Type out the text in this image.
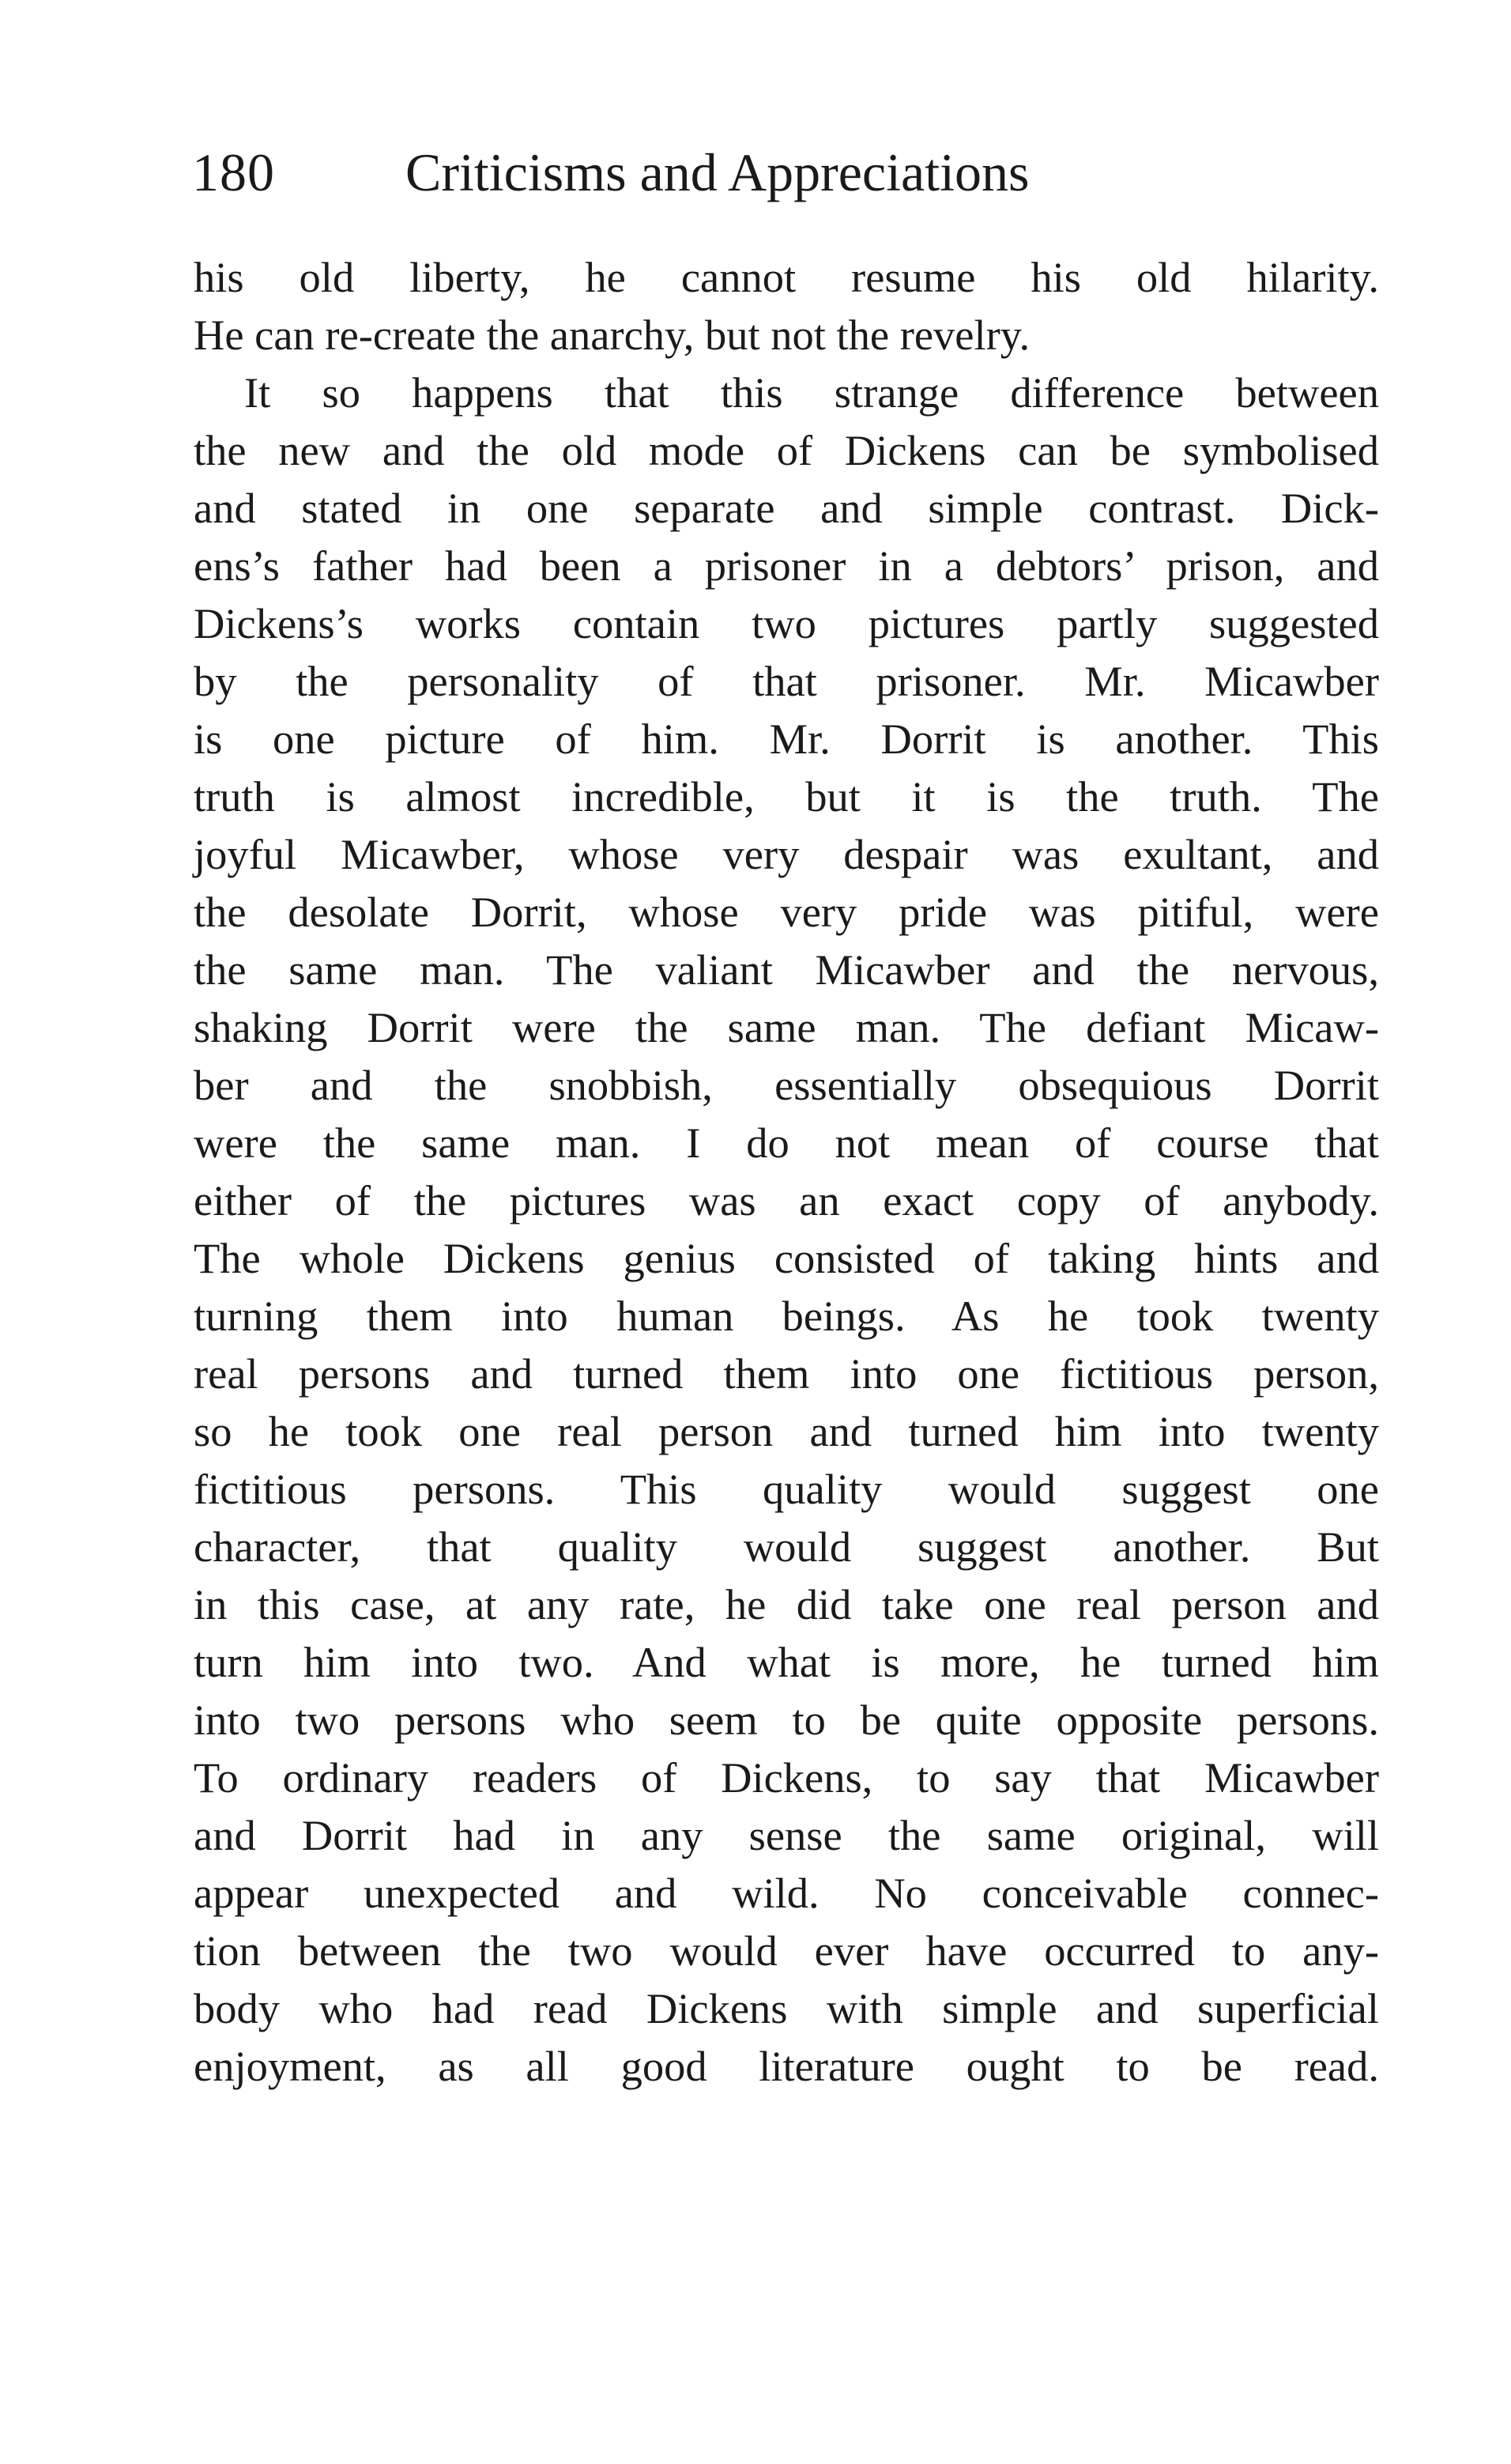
180 Criticisms and Appreciations
his old liberty, he cannot resume his old hilarity.
He can re-create the anarchy, but not the revelry.
It so happens that this strange difference between
the new and the old mode of Dickens can be symbolised
and stated in one separate and simple contrast. Dick-
ens’s father had been a prisoner in a debtors’ prison, and
Dickens’s works contain two pictures partly suggested
by the personality of that prisoner. Mr. Micawber
is one picture of him. Mr. Dorrit is another. This
truth is almost incredible, but it is the truth. The
joyful Micawber, whose very despair was exultant, and
the desolate Dorrit, whose very pride was pitiful, were
the same man. The valiant Micawber and the nervous,
shaking Dorrit were the same man. The defiant Micaw-
ber and the snobbish, essentially obsequious Dorrit
were the same man. I do not mean of course that
either of the pictures was an exact copy of anybody.
The whole Dickens genius consisted of taking hints and
turning them into human beings. As he took twenty
real persons and turned them into one fictitious person,
so he took one real person and turned him into twenty
fictitious persons. This quality would suggest one
character, that quality would suggest another. But
in this case, at any rate, he did take one real person and
turn him into two. And what is more, he turned him
into two persons who seem to be quite opposite persons.
To ordinary readers of Dickens, to say that Micawber
and Dorrit had in any sense the same original, will
appear unexpected and wild. No conceivable connec-
tion between the two would ever have occurred to any-
body who had read Dickens with simple and superficial
enjoyment, as all good literature ought to be read.
